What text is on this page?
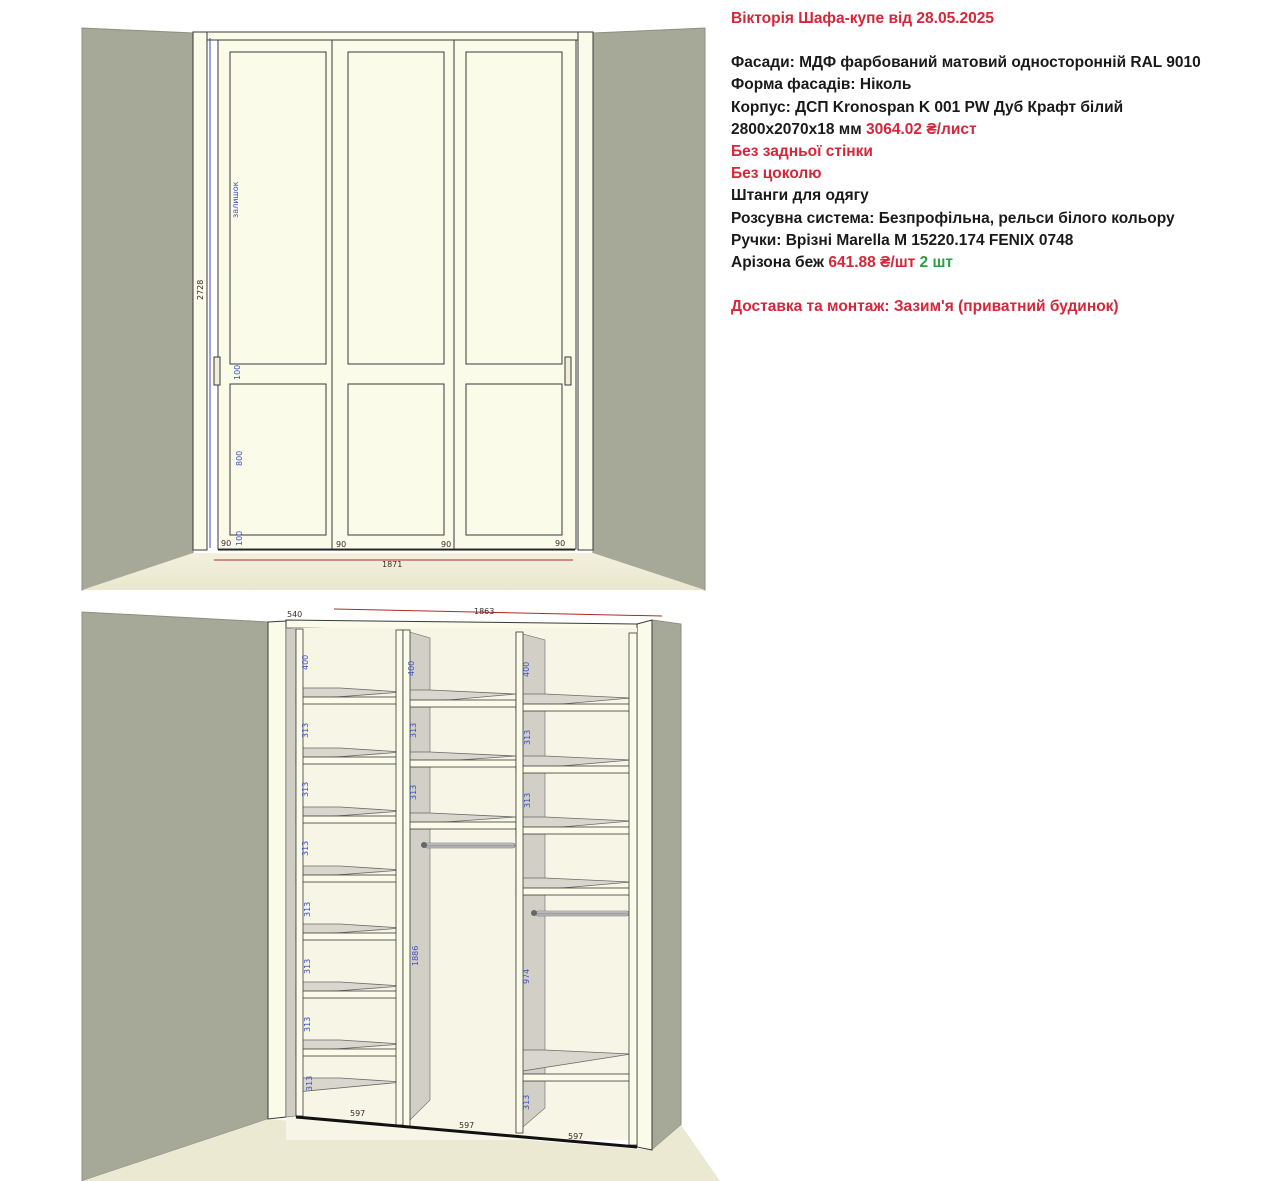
2728
залишок
100
800
100
90	90	90	90
1871
540	1863
400
313
313
313
313
313
313
313
400
313
313
1886
400
313
313
974
313
597
597
597
Вікторія Шафа-купе від 28.05.2025
Фасади: МДФ фарбований матовий односторонній RAL 9010
Форма фасадів: Ніколь
Корпус: ДСП Kronospan K 001 PW Дуб Крафт білий
2800x2070x18 мм 3064.02 ₴/лист
Без задньої стінки
Без цоколю
Штанги для одягу
Розсувна система: Безпрофільна, рельси білого кольору
Ручки: Врізні Marella M 15220.174 FENIX 0748
Арізона беж 641.88 ₴/шт 2 шт
Доставка та монтаж: Зазим'я (приватний будинок)
